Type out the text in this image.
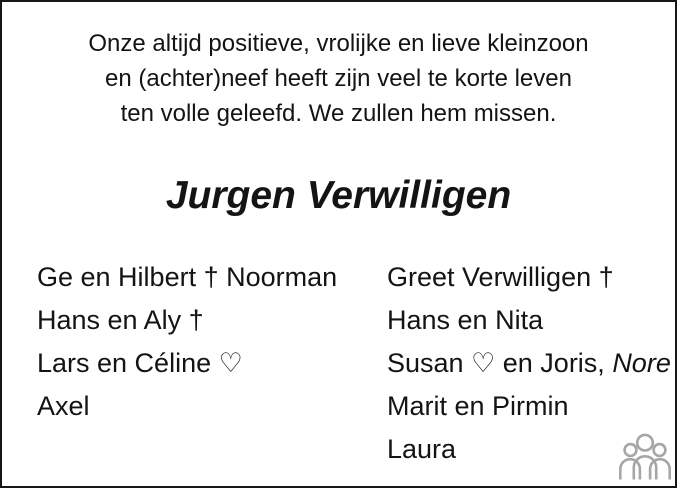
Onze altijd positieve, vrolijke en lieve kleinzoon
en (achter)neef heeft zijn veel te korte leven
ten volle geleefd. We zullen hem missen.
Jurgen Verwilligen
Ge en Hilbert † Noorman
Hans en Aly †
Lars en Céline ♡
Axel
Greet Verwilligen †
Hans en Nita
Susan ♡ en Joris, Nore
Marit en Pirmin
Laura
